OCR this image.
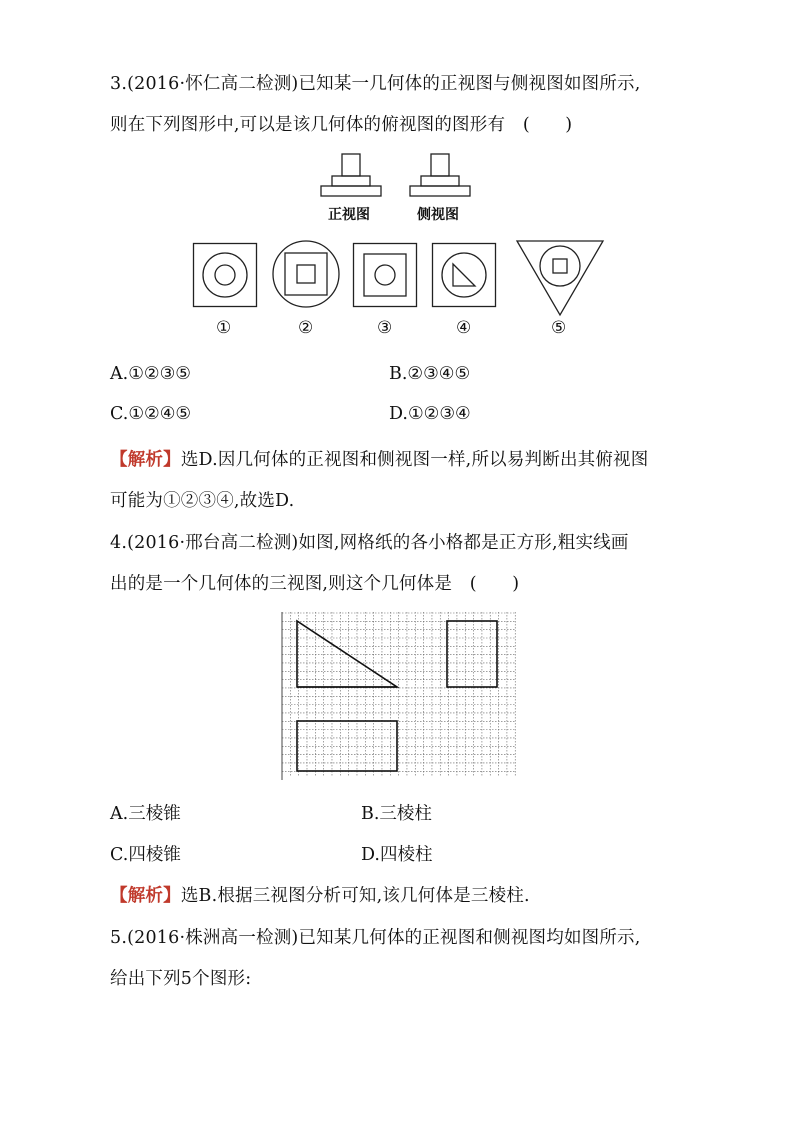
3.(2016·怀仁高二检测)已知某一几何体的正视图与侧视图如图所示,
则在下列图形中,可以是该几何体的俯视图的图形有　(　　)
正视图	侧视图
①	②	③	④	⑤
A.①②③⑤	B.②③④⑤
C.①②④⑤	D.①②③④
【解析】选D.因几何体的正视图和侧视图一样,所以易判断出其俯视图
可能为①②③④,故选D.
4.(2016·邢台高二检测)如图,网格纸的各小格都是正方形,粗实线画
出的是一个几何体的三视图,则这个几何体是　(　　)
A.三棱锥	B.三棱柱
C.四棱锥	D.四棱柱
【解析】选B.根据三视图分析可知,该几何体是三棱柱.
5.(2016·株洲高一检测)已知某几何体的正视图和侧视图均如图所示,
给出下列5个图形:
